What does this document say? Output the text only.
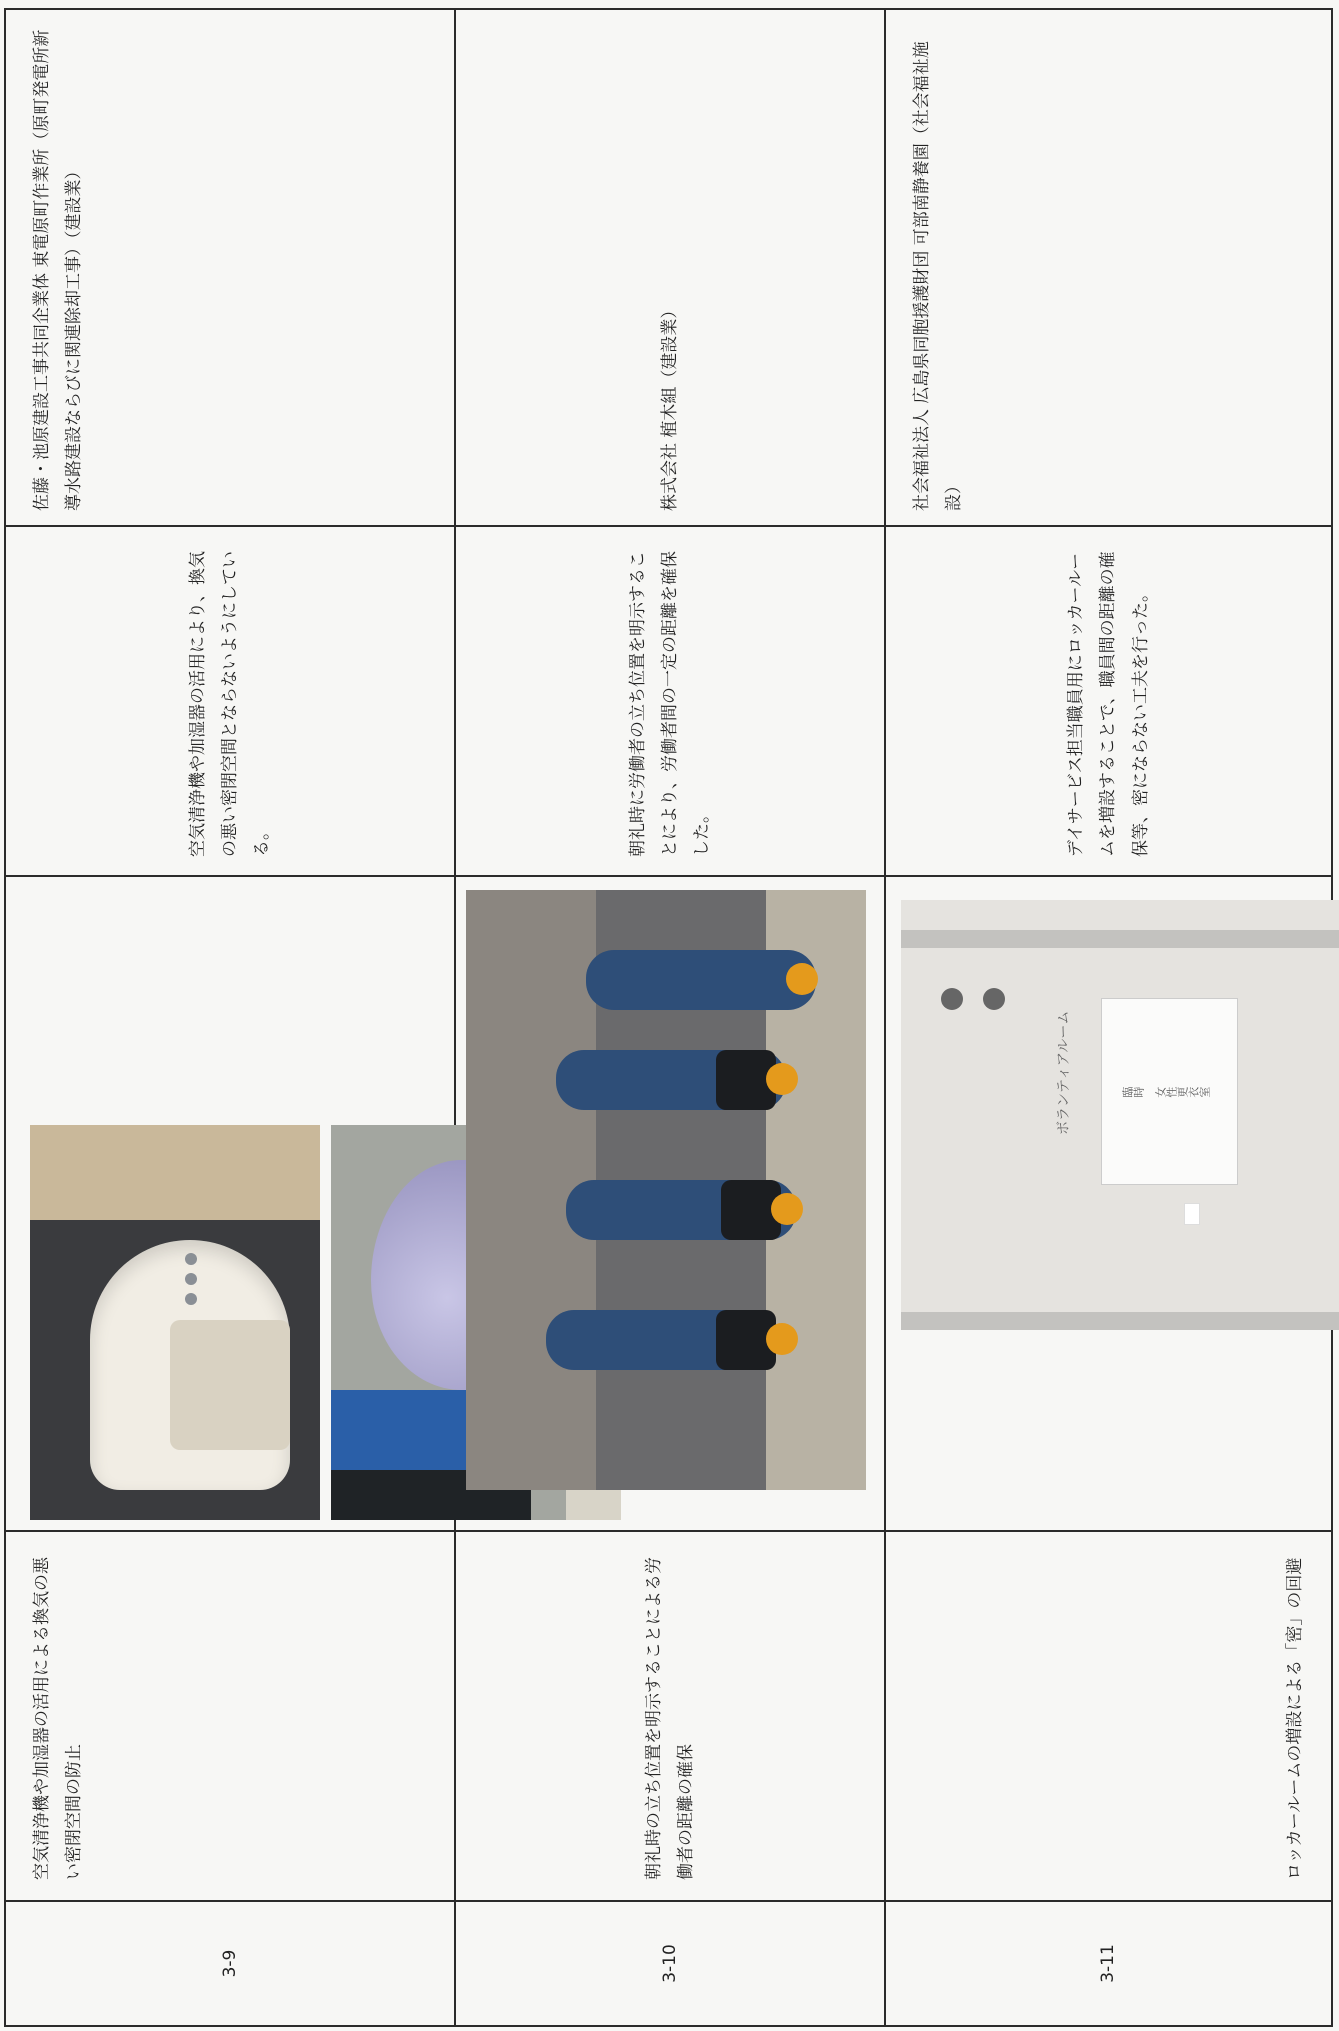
3-9	空気清浄機や加湿器の活用による換気の悪い密閉空間の防止		空気清浄機や加湿器の活用により、換気の悪い密閉空間とならないようにしている。	佐藤・池原建設工事共同企業体 東電原町作業所（原町発電所新導水路建設ならびに関連除却工事）（建設業）

3-10	朝礼時の立ち位置を明示することによる労働者の距離の確保		朝礼時に労働者の立ち位置を明示することにより、労働者間の一定の距離を確保した。	株式会社 植木組（建設業）

3-11	ロッカールームの増設による「密」の回避	ボランティアルーム 臨時　女性更衣室	デイサービス担当職員用にロッカールームを増設することで、職員間の距離の確保等、密にならない工夫を行った。	社会福祉法人 広島県同胞援護財団 可部南静養園（社会福祉施設）
